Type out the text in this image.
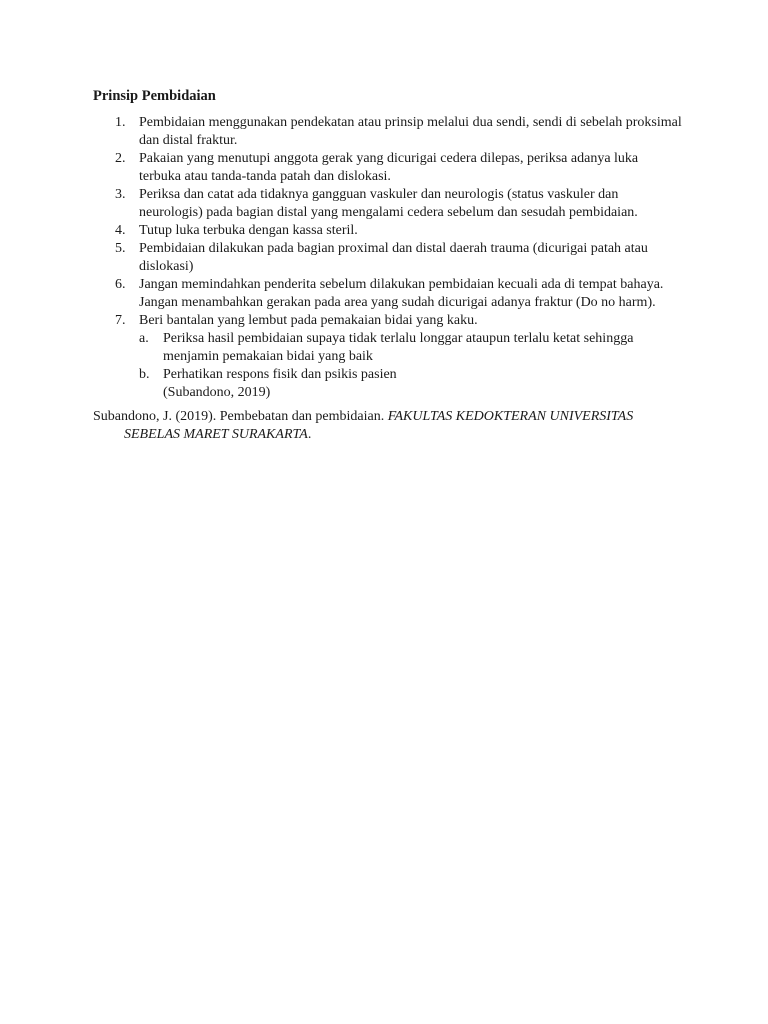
Prinsip Pembidaian
1. Pembidaian menggunakan pendekatan atau prinsip melalui dua sendi, sendi di sebelah proksimal dan distal fraktur.
2. Pakaian yang menutupi anggota gerak yang dicurigai cedera dilepas, periksa adanya luka terbuka atau tanda-tanda patah dan dislokasi.
3. Periksa dan catat ada tidaknya gangguan vaskuler dan neurologis (status vaskuler dan neurologis) pada bagian distal yang mengalami cedera sebelum dan sesudah pembidaian.
4. Tutup luka terbuka dengan kassa steril.
5. Pembidaian dilakukan pada bagian proximal dan distal daerah trauma (dicurigai patah atau dislokasi)
6. Jangan memindahkan penderita sebelum dilakukan pembidaian kecuali ada di tempat bahaya. Jangan menambahkan gerakan pada area yang sudah dicurigai adanya fraktur (Do no harm).
7. Beri bantalan yang lembut pada pemakaian bidai yang kaku.
a. Periksa hasil pembidaian supaya tidak terlalu longgar ataupun terlalu ketat sehingga menjamin pemakaian bidai yang baik
b. Perhatikan respons fisik dan psikis pasien
(Subandono, 2019)
Subandono, J. (2019). Pembebatan dan pembidaian. FAKULTAS KEDOKTERAN UNIVERSITAS SEBELAS MARET SURAKARTA.
